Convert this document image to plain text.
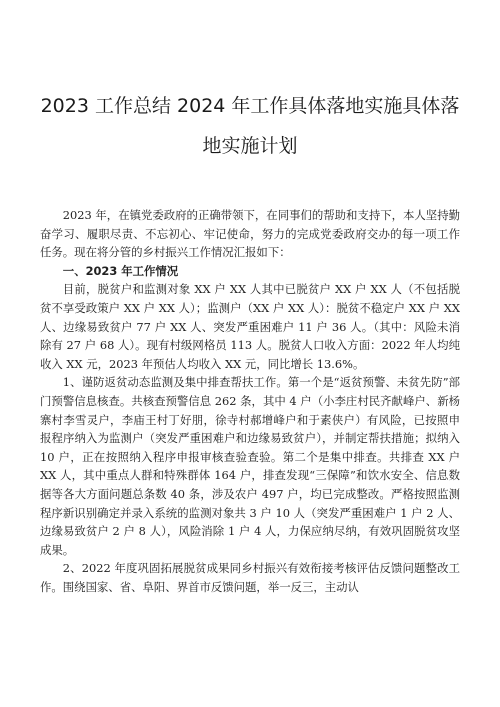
2023 工作总结 2024 年工作具体落地实施具体落
地实施计划

2023 年，在镇党委政府的正确带领下，在同事们的帮助和支持下，本人坚持勤奋学习、履职尽责、不忘初心、牢记使命，努力的完成党委政府交办的每一项工作任务。现在将分管的乡村振兴工作情况汇报如下：

一、2023 年工作情况

目前，脱贫户和监测对象 XX 户 XX 人其中已脱贫户 XX 户 XX 人（不包括脱贫不享受政策户 XX 户 XX 人）；监测户（XX 户 XX 人）：脱贫不稳定户 XX 户 XX 人、边缘易致贫户 77 户 XX 人、突发严重困难户 11 户 36 人。（其中：风险未消除有 27 户 68 人）。现有村级网格员 113 人。脱贫人口收入方面：2022 年人均纯收入 XX 元，2023 年预估人均收入 XX 元，同比增长 13.6%。

1、谨防返贫动态监测及集中排查帮扶工作。第一个是“返贫预警、未贫先防”部门预警信息核查。共核查预警信息 262 条，其中 4 户（小李庄村民齐献峰户、新杨寨村李雪灵户，李庙王村丁好朋，徐寺村郝增峰户和于素侠户）有风险，已按照申报程序纳入为监测户（突发严重困难户和边缘易致贫户），并制定帮扶措施；拟纳入 10 户，正在按照纳入程序申报审核查验查验。第二个是集中排查。共排查 XX 户 XX 人，其中重点人群和特殊群体 164 户，排查发现“三保障”和饮水安全、信息数据等各大方面问题总条数 40 条，涉及农户 497 户，均已完成整改。严格按照监测程序新识别确定并录入系统的监测对象共 3 户 10 人（突发严重困难户 1 户 2 人、边缘易致贫户 2 户 8 人），风险消除 1 户 4 人，力保应纳尽纳，有效巩固脱贫攻坚成果。

2、2022 年度巩固拓展脱贫成果同乡村振兴有效衔接考核评估反馈问题整改工作。围绕国家、省、阜阳、界首市反馈问题，举一反三，主动认
